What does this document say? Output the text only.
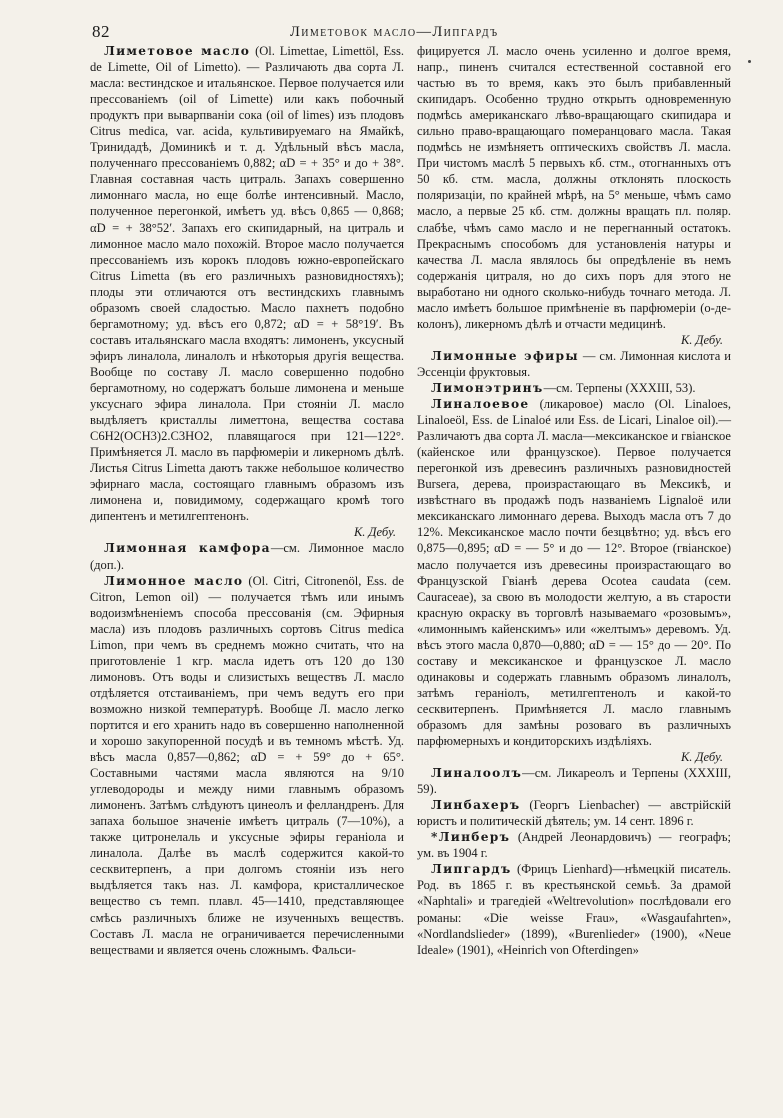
82	Лиметовок масло—Липгардъ

Лиметовое масло (Ol. Limettae, Limettöl, Ess. de Limette, Oil of Limetto). — Различають два сорта Л. масла: вестиндское и итальянское. Первое получается или прессованіемъ (oil of Limette) или какъ побочный продуктъ при выварпваніи сока (oil of limes) изъ плодовъ Citrus medica, var. acida, культивируемаго на Ямайкѣ, Тринидадѣ, Доминикѣ и т. д. Удѣльный вѣсъ масла, полученнаго прессованіемъ 0,882; αD = + 35° и до + 38°. Главная составная часть цитраль. Запахъ совершенно лимоннаго масла, но еще болѣе интенсивный. Масло, полученное перегонкой, имѣетъ уд. вѣсъ 0,865 — 0,868; αD = + 38°52′. Запахъ его скипидарный, на цитраль и лимонное масло мало похожій. Второе масло получается прессованіемъ изъ корокъ плодовъ южно-европейскаго Citrus Limetta (въ его различныхъ разновидностяхъ); плоды эти отличаются отъ вестиндскихъ главнымъ образомъ своей сладостью. Масло пахнетъ подобно бергамотному; уд. вѣсъ его 0,872; αD = + 58°19′. Въ составъ итальянскаго масла входятъ: лимоненъ, уксусный эфиръ линалола, линалолъ и нѣкоторыя другія вещества. Вообще по составу Л. масло совершенно подобно бергамотному, но содержатъ больше лимонена и меньше уксуснаго эфира линалола. При стояніи Л. масло выдѣляетъ кристаллы лиметтона, вещества состава C6H2(OCH3)2.C3HO2, плавящагося при 121—122°. Примѣняется Л. масло въ парфюмеріи и ликерномъ дѣлѣ. Листья Citrus Limetta даютъ также небольшое количество эфирнаго масла, состоящаго главнымъ образомъ изъ лимонена и, повидимому, содержащаго кромѣ того дипентенъ и метилгептенонъ.

К. Дебу.

Лимонная камфора—см. Лимонное масло (доп.).

Лимонное масло (Ol. Citri, Citronenöl, Ess. de Citron, Lemon oil) — получается тѣмъ или инымъ водоизмѣненіемъ способа прессованія (см. Эфирныя масла) изъ плодовъ различныхъ сортовъ Citrus medica Limon, при чемъ въ среднемъ можно считать, что на приготовленіе 1 кгр. масла идетъ отъ 120 до 130 лимоновъ. Отъ воды и слизистыхъ веществъ Л. масло отдѣляется отстаиваніемъ, при чемъ ведутъ его при возможно низкой температурѣ. Вообще Л. масло легко портится и его хранить надо въ совершенно наполненной и хорошо закупоренной посудѣ и въ темномъ мѣстѣ. Уд. вѣсъ масла 0,857—0,862; αD = + 59° до + 65°. Составными частями масла являются на 9/10 углеводороды и между ними главнымъ образомъ лимоненъ. Затѣмъ слѣдуютъ цинеолъ и фелландренъ. Для запаха большое значеніе имѣетъ цитраль (7—10%), а также цитронелаль и уксусные эфиры геранiола и линалола. Далѣе въ маслѣ содержится какой-то сесквитерпенъ, а при долгомъ стояніи изъ него выдѣляется такъ наз. Л. камфора, кристаллическое вещество съ темп. плавл. 45—1410, представляющее смѣсь различныхъ ближе не изученныхъ веществъ. Составъ Л. масла не ограничивается перечисленными веществами и является очень сложнымъ. Фальси-

фицируется Л. масло очень усиленно и долгое время, напр., пиненъ считался естественной составной его частью въ то время, какъ это былъ прибавленный скипидаръ. Особенно трудно открыть одновременную подмѣсь американскаго лѣво-вращающаго скипидара и сильно право-вращающаго померанцоваго масла. Такая подмѣсь не измѣняетъ оптическихъ свойствъ Л. масла. При чистомъ маслѣ 5 первыхъ кб. стм., отогнанныхъ отъ 50 кб. стм. масла, должны отклонять плоскость поляризаціи, по крайней мѣрѣ, на 5° меньше, чѣмъ само масло, а первые 25 кб. стм. должны вращать пл. поляр. слабѣе, чѣмъ само масло и не перегнанный остатокъ. Прекраснымъ способомъ для установленія натуры и качества Л. масла являлось бы опредѣленіе въ немъ содержанія цитраля, но до сихъ поръ для этого не выработано ни одного сколько-нибудь точнаго метода. Л. масло имѣетъ большое примѣненіе въ парфюмеріи (о-де-колонъ), ликерномъ дѣлѣ и отчасти медицинѣ.

К. Дебу.

Лимонные эфиры — см. Лимонная кислота и Эссенціи фруктовыя.

Лимонэтринъ—см. Терпены (XXXIII, 53).

Линалоевое (ликаровое) масло (Ol. Linaloes, Linaloeöl, Ess. de Linaloé или Ess. de Licari, Linaloe oil).—Различаютъ два сорта Л. масла—мексиканское и гвіанское (кайенское или французское). Первое получается перегонкой изъ древесинъ различныхъ разновидностей Bursera, дерева, произрастающаго въ Мексикѣ, и извѣстнаго въ продажѣ подъ названіемъ Lignaloë или мексиканскаго лимоннаго дерева. Выходъ масла отъ 7 до 12%. Мексиканское масло почти безцвѣтно; уд. вѣсъ его 0,875—0,895; αD = — 5° и до — 12°. Второе (гвіанское) масло получается изъ древесины произрастающаго во Французской Гвіанѣ дерева Ocotea caudata (сем. Cauraceae), за свою въ молодости желтую, а въ старости красную окраску въ торговлѣ называемаго «розовымъ», «лимоннымъ кайенскимъ» или «желтымъ» деревомъ. Уд. вѣсъ этого масла 0,870—0,880; αD = — 15° до — 20°. По составу и мексиканское и французское Л. масло одинаковы и содержать главнымъ образомъ линалолъ, затѣмъ гераніолъ, метилгептенолъ и какой-то сесквитерпенъ. Примѣняется Л. масло главнымъ образомъ для замѣны розоваго въ различныхъ парфюмерныхъ и кондиторскихъ издѣліяхъ.

К. Дебу.

Линалоолъ—см. Ликареолъ и Терпены (XXXIII, 59).

Линбахеръ (Георгъ Lienbacher) — австрійскій юристъ и политическій дѣятель; ум. 14 сент. 1896 г.

*Линберъ (Андрей Леонардовичъ) — географъ; ум. въ 1904 г.

Липгардъ (Фрицъ Lienhard)—нѣмецкій писатель. Род. въ 1865 г. въ крестьянской семьѣ. За драмой «Naphtali» и трагедіей «Weltrevolution» послѣдовали его романы: «Die weisse Frau», «Wasgaufahrten», «Nordlandslieder» (1899), «Burenlieder» (1900), «Neue Ideale» (1901), «Heinrich von Ofterdingen»
